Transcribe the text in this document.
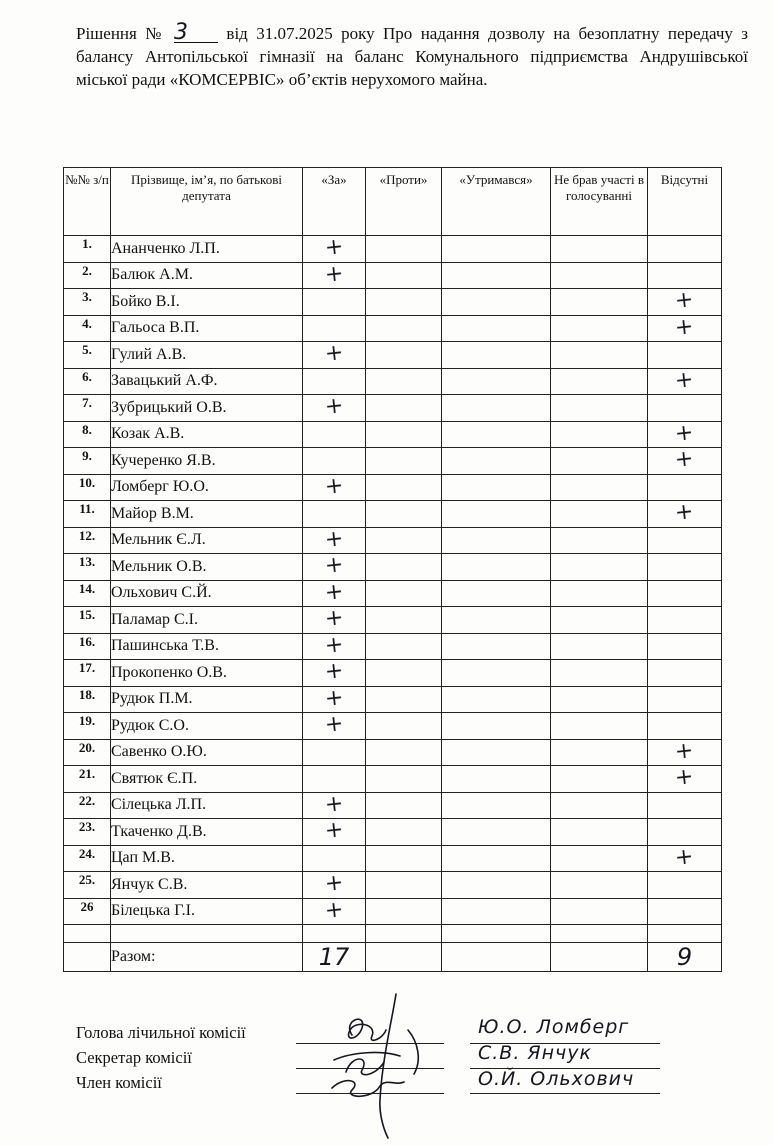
Рішення № 3 від 31.07.2025 року Про надання дозволу на безоплатну передачу з балансу Антопільської гімназії на баланс Комунального підприємства Андрушівської міської ради «КОМСЕРВІС» об’єктів нерухомого майна.
№№ з/п	Прізвище, ім’я, по батькові депутата	«За»	«Проти»	«Утримався»	Не брав участі в голосуванні	Відсутні
1.	Ананченко Л.П.	+				
2.	Балюк А.М.	+				
3.	Бойко В.І.					+
4.	Гальоса В.П.					+
5.	Гулий А.В.	+				
6.	Завацький А.Ф.					+
7.	Зубрицький О.В.	+				
8.	Козак А.В.					+
9.	Кучеренко Я.В.					+
10.	Ломберг Ю.О.	+				
11.	Майор В.М.					+
12.	Мельник Є.Л.	+				
13.	Мельник О.В.	+				
14.	Ольхович С.Й.	+				
15.	Паламар С.І.	+				
16.	Пашинська Т.В.	+				
17.	Прокопенко О.В.	+				
18.	Рудюк П.М.	+				
19.	Рудюк С.О.	+				
20.	Савенко О.Ю.					+
21.	Святюк Є.П.					+
22.	Сілецька Л.П.	+				
23.	Ткаченко Д.В.	+				
24.	Цап М.В.					+
25.	Янчук С.В.	+				
26	Білецька Г.І.	+				

	Разом:	17				9
Голова лічильної комісії
Секретар комісії
Член комісії
Ю.О. Ломберг
С.В. Янчук
О.Й. Ольхович
